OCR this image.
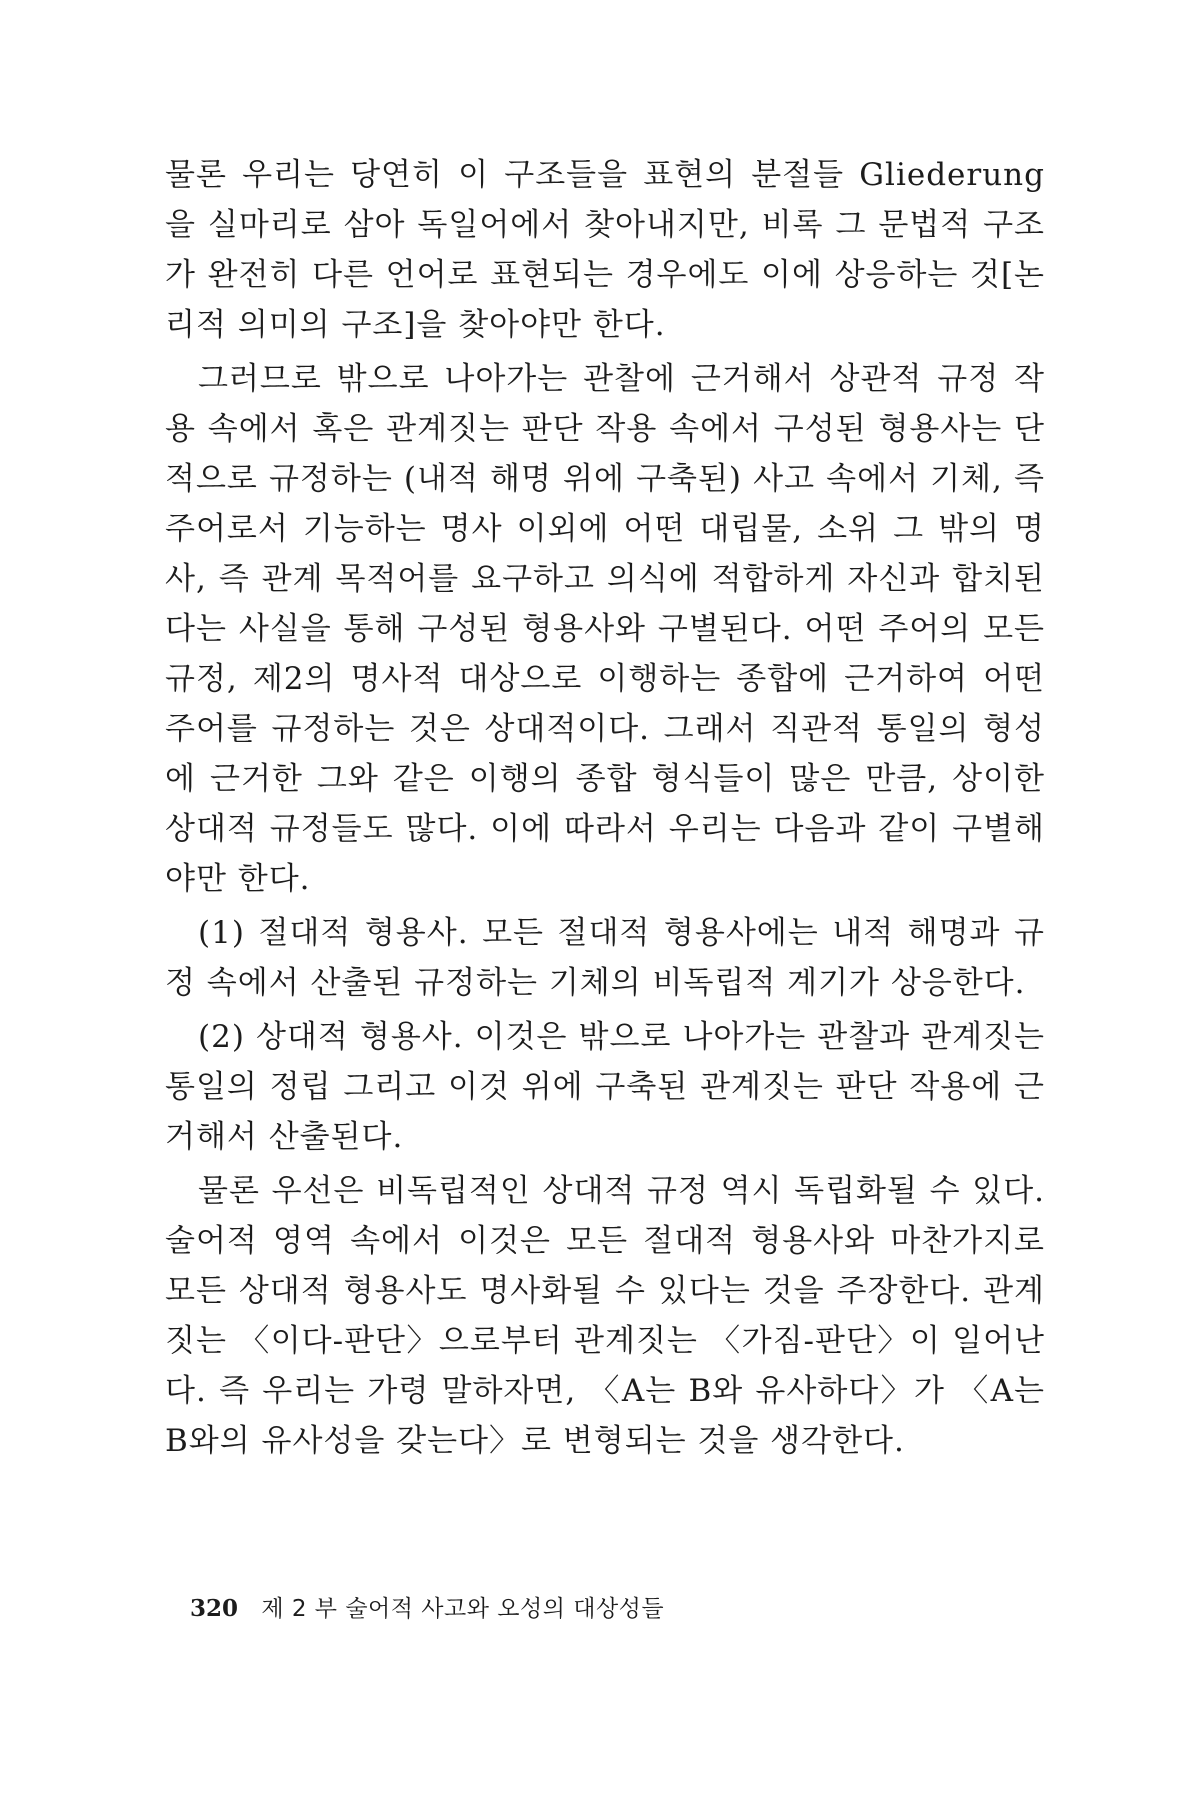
물론 우리는 당연히 이 구조들을 표현의 분절들 Gliederung을 실마리로 삼아 독일어에서 찾아내지만, 비록 그 문법적 구조가 완전히 다른 언어로 표현되는 경우에도 이에 상응하는 것[논리적 의미의 구조]을 찾아야만 한다.

그러므로 밖으로 나아가는 관찰에 근거해서 상관적 규정 작용 속에서 혹은 관계짓는 판단 작용 속에서 구성된 형용사는 단적으로 규정하는 (내적 해명 위에 구축된) 사고 속에서 기체, 즉 주어로서 기능하는 명사 이외에 어떤 대립물, 소위 그 밖의 명사, 즉 관계 목적어를 요구하고 의식에 적합하게 자신과 합치된다는 사실을 통해 구성된 형용사와 구별된다. 어떤 주어의 모든 규정, 제2의 명사적 대상으로 이행하는 종합에 근거하여 어떤 주어를 규정하는 것은 상대적이다. 그래서 직관적 통일의 형성에 근거한 그와 같은 이행의 종합 형식들이 많은 만큼, 상이한 상대적 규정들도 많다. 이에 따라서 우리는 다음과 같이 구별해야만 한다.

(1) 절대적 형용사. 모든 절대적 형용사에는 내적 해명과 규정 속에서 산출된 규정하는 기체의 비독립적 계기가 상응한다.

(2) 상대적 형용사. 이것은 밖으로 나아가는 관찰과 관계짓는 통일의 정립 그리고 이것 위에 구축된 관계짓는 판단 작용에 근거해서 산출된다.

물론 우선은 비독립적인 상대적 규정 역시 독립화될 수 있다. 술어적 영역 속에서 이것은 모든 절대적 형용사와 마찬가지로 모든 상대적 형용사도 명사화될 수 있다는 것을 주장한다. 관계짓는 〈이다-판단〉으로부터 관계짓는 〈가짐-판단〉이 일어난다. 즉 우리는 가령 말하자면, 〈A는 B와 유사하다〉가 〈A는 B와의 유사성을 갖는다〉로 변형되는 것을 생각한다.

320 제 2 부 술어적 사고와 오성의 대상성들
